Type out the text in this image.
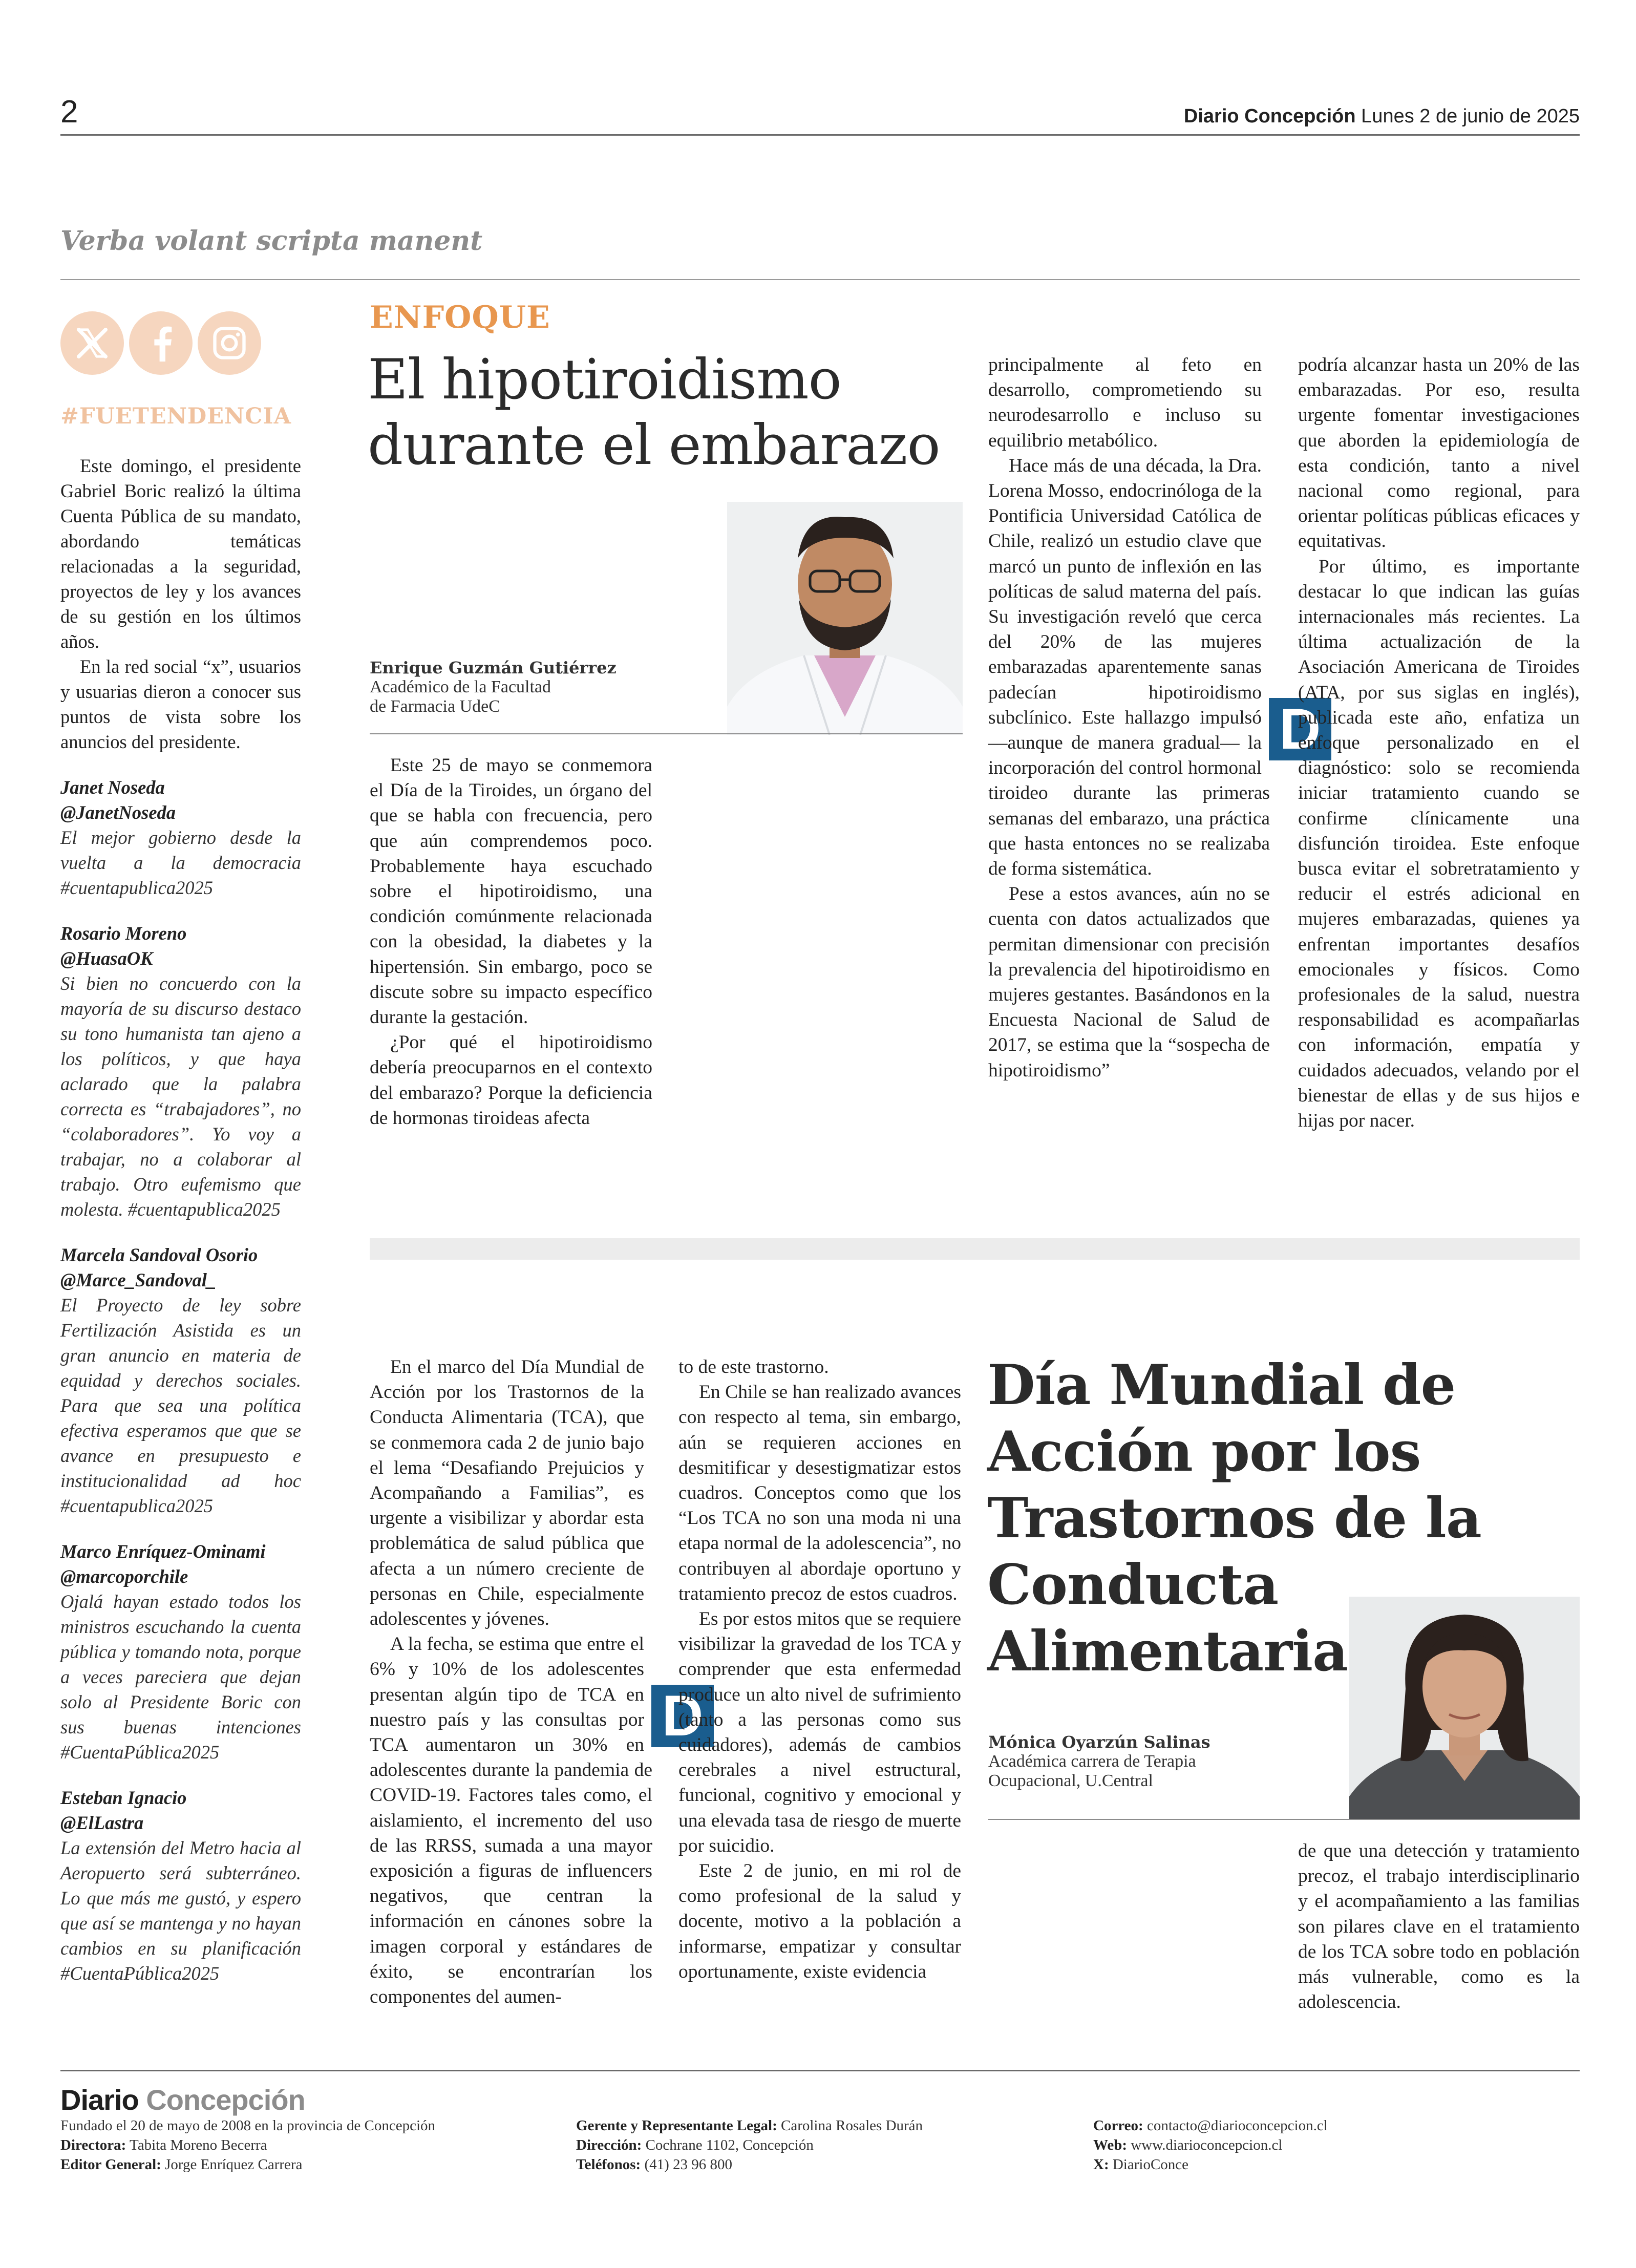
2	Diario Concepción Lunes 2 de junio de 2025
Verba volant scripta manent
#FUETENDENCIA

Este domingo, el presidente Gabriel Boric realizó la última Cuenta Pública de su mandato, abordando temáticas relacionadas a la seguridad, proyectos de ley y los avances de su gestión en los últimos años.

En la red social “x”, usuarios y usuarias dieron a conocer sus puntos de vista sobre los anuncios del presidente.

Janet Noseda
@JanetNoseda
El mejor gobierno desde la vuelta a la democracia #cuentapublica2025
Rosario Moreno
@HuasaOK
Si bien no concuerdo con la mayoría de su discurso destaco su tono humanista tan ajeno a los políticos, y que haya aclarado que la palabra correcta es “trabajadores”, no “colaboradores”. Yo voy a trabajar, no a colaborar al trabajo. Otro eufemismo que molesta. #cuentapublica2025
Marcela Sandoval Osorio
@Marce_Sandoval_
El Proyecto de ley sobre Fertilización Asistida es un gran anuncio en materia de equidad y derechos sociales. Para que sea una política efectiva esperamos que que se avance en presupuesto e institucionalidad ad hoc #cuentapublica2025
Marco Enríquez-Ominami
@marcoporchile
Ojalá hayan estado todos los ministros escuchando la cuenta pública y tomando nota, porque a veces pareciera que dejan solo al Presidente Boric con sus buenas intenciones #CuentaPública2025
Esteban Ignacio
@ElLastra
La extensión del Metro hacia al Aeropuerto será subterráneo. Lo que más me gustó, y espero que así se mantenga y no hayan cambios en su planificación #CuentaPública2025
ENFOQUE
El hipotiroidismo durante el embarazo
Enrique Guzmán Gutiérrez
Académico de la Facultad de Farmacia UdeC

Este 25 de mayo se conmemora el Día de la Tiroides, un órgano del que se habla con frecuencia, pero que aún comprendemos poco. Probablemente haya escuchado sobre el hipotiroidismo, una condición comúnmente relacionada con la obesidad, la diabetes y la hipertensión. Sin embargo, poco se discute sobre su impacto específico durante la gestación.

¿Por qué el hipotiroidismo debería preocuparnos en el contexto del embarazo? Porque la deficiencia de hormonas tiroideas afecta

D

principalmente al feto en desarrollo, comprometiendo su neurodesarrollo e incluso su equilibrio metabólico.

Hace más de una década, la Dra. Lorena Mosso, endocrinóloga de la Pontificia Universidad Católica de Chile, realizó un estudio clave que marcó un punto de inflexión en las políticas de salud materna del país. Su investigación reveló que cerca del 20% de las mujeres embarazadas aparentemente sanas padecían hipotiroidismo subclínico. Este hallazgo impulsó —aunque de manera gradual— la incorporación del control hormonal tiroideo durante las primeras semanas del embarazo, una práctica que hasta entonces no se realizaba de forma sistemática.

Pese a estos avances, aún no se cuenta con datos actualizados que permitan dimensionar con precisión la prevalencia del hipotiroidismo en mujeres gestantes. Basándonos en la Encuesta Nacional de Salud de 2017, se estima que la “sospecha de hipotiroidismo”

podría alcanzar hasta un 20% de las embarazadas. Por eso, resulta urgente fomentar investigaciones que aborden la epidemiología de esta condición, tanto a nivel nacional como regional, para orientar políticas públicas eficaces y equitativas.

Por último, es importante destacar lo que indican las guías internacionales más recientes. La última actualización de la Asociación Americana de Tiroides (ATA, por sus siglas en inglés), publicada este año, enfatiza un enfoque personalizado en el diagnóstico: solo se recomienda iniciar tratamiento cuando se confirme clínicamente una disfunción tiroidea. Este enfoque busca evitar el sobretratamiento y reducir el estrés adicional en mujeres embarazadas, quienes ya enfrentan importantes desafíos emocionales y físicos. Como profesionales de la salud, nuestra responsabilidad es acompañarlas con información, empatía y cuidados adecuados, velando por el bienestar de ellas y de sus hijos e hijas por nacer.

Día Mundial de Acción por los Trastornos de la Conducta Alimentaria
Mónica Oyarzún Salinas
Académica carrera de Terapia Ocupacional, U.Central
D

En el marco del Día Mundial de Acción por los Trastornos de la Conducta Alimentaria (TCA), que se conmemora cada 2 de junio bajo el lema “Desafiando Prejuicios y Acompañando a Familias”, es urgente a visibilizar y abordar esta problemática de salud pública que afecta a un número creciente de personas en Chile, especialmente adolescentes y jóvenes.

A la fecha, se estima que entre el 6% y 10% de los adolescentes presentan algún tipo de TCA en nuestro país y las consultas por TCA aumentaron un 30% en adolescentes durante la pandemia de COVID-19. Factores tales como, el aislamiento, el incremento del uso de las RRSS, sumada a una mayor exposición a figuras de influencers negativos, que centran la información en cánones sobre la imagen corporal y estándares de éxito, se encontrarían los componentes del aumen-

to de este trastorno.

En Chile se han realizado avances con respecto al tema, sin embargo, aún se requieren acciones en desmitificar y desestigmatizar estos cuadros. Conceptos como que los “Los TCA no son una moda ni una etapa normal de la adolescencia”, no contribuyen al abordaje oportuno y tratamiento precoz de estos cuadros.

Es por estos mitos que se requiere visibilizar la gravedad de los TCA y comprender que esta enfermedad produce un alto nivel de sufrimiento (tanto a las personas como sus cuidadores), además de cambios cerebrales a nivel estructural, funcional, cognitivo y emocional y una elevada tasa de riesgo de muerte por suicidio.

Este 2 de junio, en mi rol de como profesional de la salud y docente, motivo a la población a informarse, empatizar y consultar oportunamente, existe evidencia

de que una detección y tratamiento precoz, el trabajo interdisciplinario y el acompañamiento a las familias son pilares clave en el tratamiento de los TCA sobre todo en población más vulnerable, como es la adolescencia.

Diario Concepción
Fundado el 20 de mayo de 2008 en la provincia de Concepción
Directora: Tabita Moreno Becerra
Editor General: Jorge Enríquez Carrera
Gerente y Representante Legal: Carolina Rosales Durán
Dirección: Cochrane 1102, Concepción
Teléfonos: (41) 23 96 800
Correo: contacto@diarioconcepcion.cl
Web: www.diarioconcepcion.cl
X: DiarioConce
